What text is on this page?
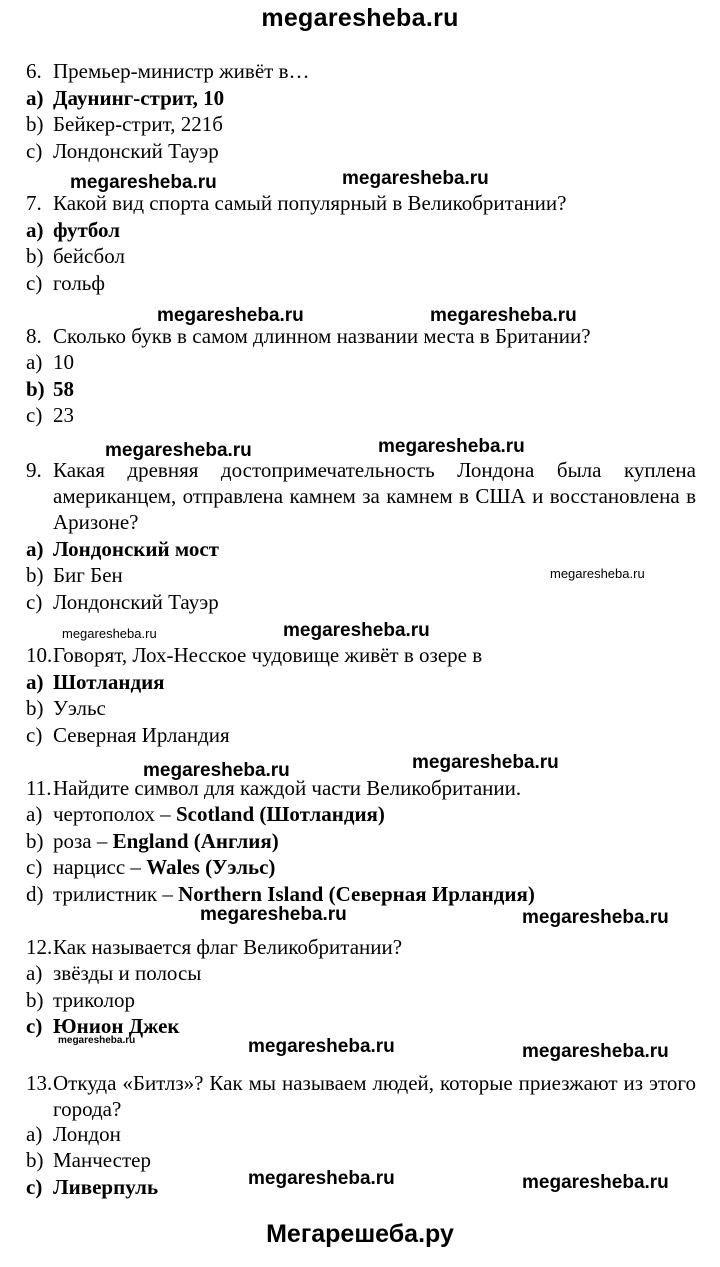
megaresheba.ru
6. Премьер-министр живёт в…
a) Даунинг-стрит, 10
b) Бейкер-стрит, 221б
c) Лондонский Тауэр
7. Какой вид спорта самый популярный в Великобритании?
a) футбол
b) бейсбол
c) гольф
8. Сколько букв в самом длинном названии места в Британии?
a) 10
b) 58
c) 23
9. Какая древняя достопримечательность Лондона была куплена американцем, отправлена камнем за камнем в США и восстановлена в Аризоне?
a) Лондонский мост
b) Биг Бен
c) Лондонский Тауэр
10.Говорят, Лох-Несское чудовище живёт в озере в
a) Шотландия
b) Уэльс
c) Северная Ирландия
11.Найдите символ для каждой части Великобритании.
a) чертополох – Scotland (Шотландия)
b) роза – England (Англия)
c) нарцисс – Wales (Уэльс)
d) трилистник – Northern Island (Северная Ирландия)
12.Как называется флаг Великобритании?
a) звёзды и полосы
b) триколор
c) Юнион Джек
13. Откуда «Битлз»? Как мы называем людей, которые приезжают из этого города?
a) Лондон
b) Манчестер
c) Ливерпуль
megaresheba.ru	megaresheba.ru
megaresheba.ru	megaresheba.ru
megaresheba.ru	megaresheba.ru
megaresheba.ru
megaresheba.ru	megaresheba.ru
megaresheba.ru
megaresheba.ru
megaresheba.ru	megaresheba.ru
megaresheba.ru	megaresheba.ru	megaresheba.ru
megaresheba.ru	megaresheba.ru
Мегарешеба.ру
